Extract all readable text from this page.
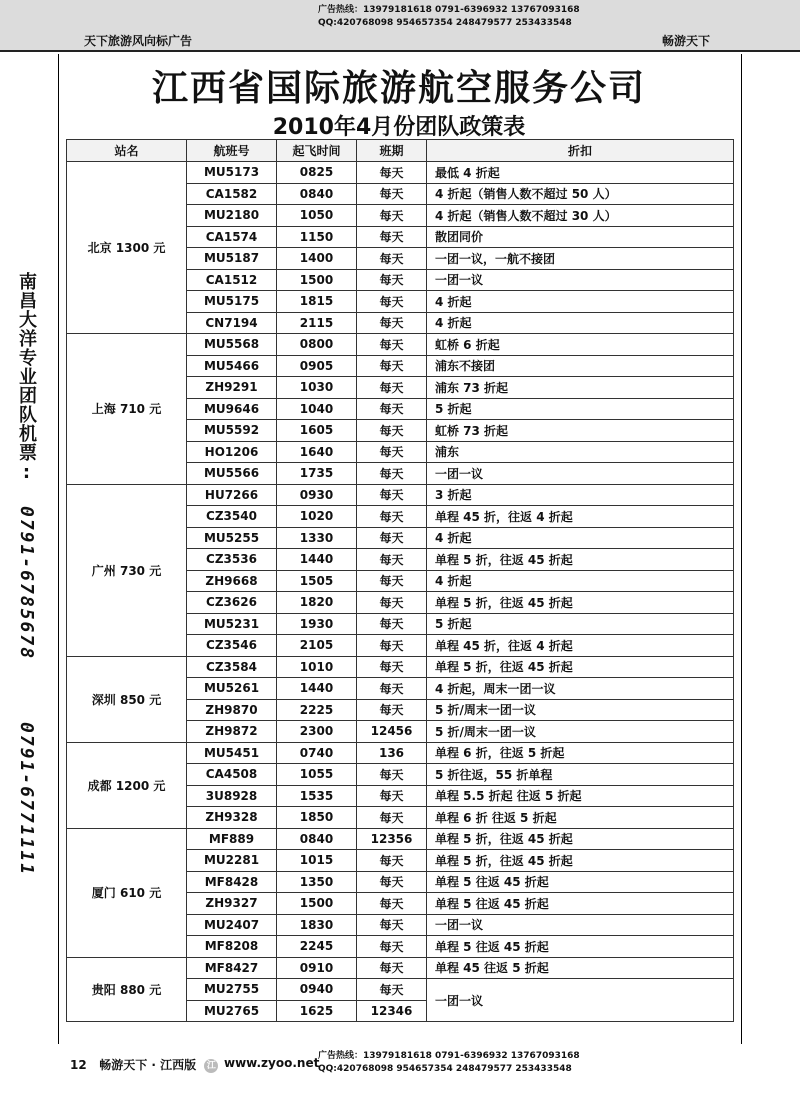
天下旅游风向标广告
广告热线：13979181618 0791-6396932 13767093168
QQ:420768098 954657354 248479577 253433548
畅游天下
江西省国际旅游航空服务公司
2010年4月份团队政策表
南昌大洋专业团队机票: 0791-6785678  0791-6771111
站名	航班号	起飞时间	班期	折扣
北京 1300 元	MU5173	0825	每天	最低 4 折起
	CA1582	0840	每天	4 折起（销售人数不超过 50 人）
	MU2180	1050	每天	4 折起（销售人数不超过 30 人）
	CA1574	1150	每天	散团同价
	MU5187	1400	每天	一团一议，一航不接团
	CA1512	1500	每天	一团一议
	MU5175	1815	每天	4 折起
	CN7194	2115	每天	4 折起
上海 710 元	MU5568	0800	每天	虹桥 6 折起
	MU5466	0905	每天	浦东不接团
	ZH9291	1030	每天	浦东 73 折起
	MU9646	1040	每天	5 折起
	MU5592	1605	每天	虹桥 73 折起
	HO1206	1640	每天	浦东
	MU5566	1735	每天	一团一议
广州 730 元	HU7266	0930	每天	3 折起
	CZ3540	1020	每天	单程 45 折，往返 4 折起
	MU5255	1330	每天	4 折起
	CZ3536	1440	每天	单程 5 折，往返 45 折起
	ZH9668	1505	每天	4 折起
	CZ3626	1820	每天	单程 5 折，往返 45 折起
	MU5231	1930	每天	5 折起
	CZ3546	2105	每天	单程 45 折，往返 4 折起
深圳 850 元	CZ3584	1010	每天	单程 5 折，往返 45 折起
	MU5261	1440	每天	4 折起，周末一团一议
	ZH9870	2225	每天	5 折/周末一团一议
	ZH9872	2300	12456	5 折/周末一团一议
成都 1200 元	MU5451	0740	136	单程 6 折，往返 5 折起
	CA4508	1055	每天	5 折往返，55 折单程
	3U8928	1535	每天	单程 5.5 折起 往返 5 折起
	ZH9328	1850	每天	单程 6 折 往返 5 折起
厦门 610 元	MF889	0840	12356	单程 5 折，往返 45 折起
	MU2281	1015	每天	单程 5 折，往返 45 折起
	MF8428	1350	每天	单程 5 往返 45 折起
	ZH9327	1500	每天	单程 5 往返 45 折起
	MU2407	1830	每天	一团一议
	MF8208	2245	每天	单程 5 往返 45 折起
贵阳 880 元	MF8427	0910	每天	单程 45 往返 5 折起
	MU2755	0940	每天	一团一议
	MU2765	1625	12346	
12 畅游天下 · 江西版 江 www.zyoo.net
广告热线：13979181618 0791-6396932 13767093168
QQ:420768098 954657354 248479577 253433548
